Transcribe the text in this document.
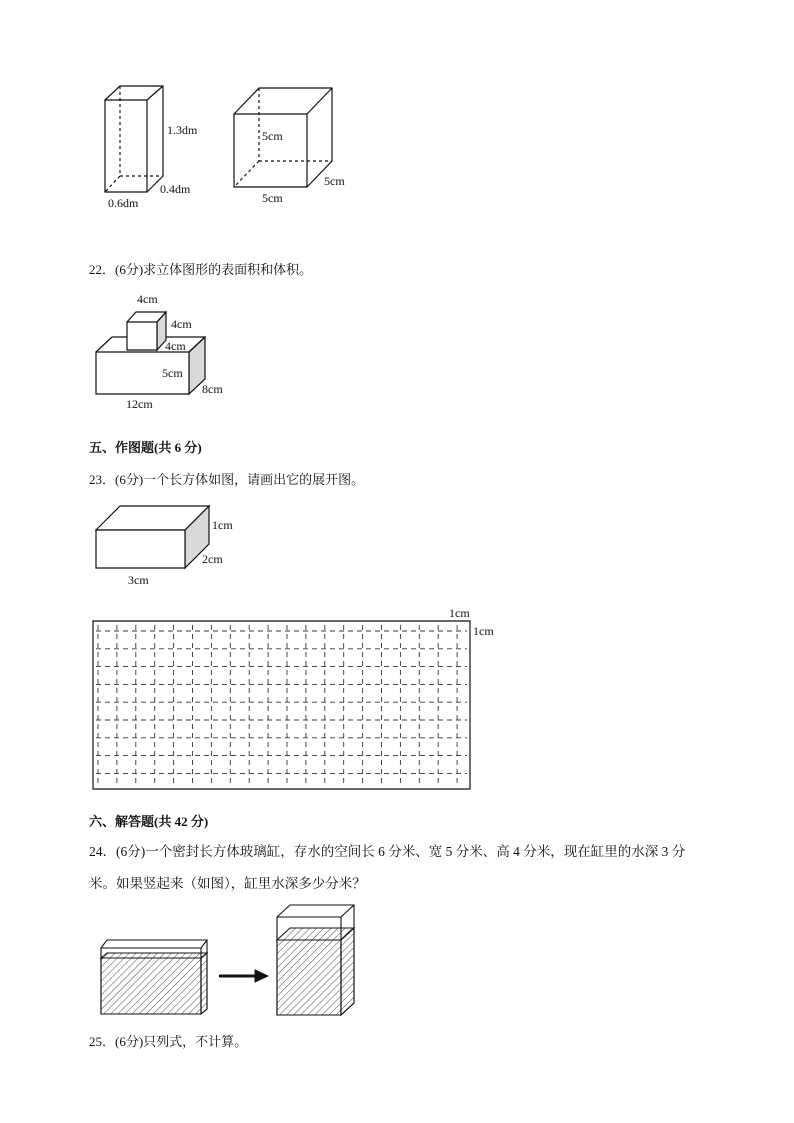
1.3dm
0.4dm
0.6dm
5cm
5cm
5cm
22．(6分)求立体图形的表面积和体积。
4cm
4cm
4cm
5cm
8cm
12cm
五、作图题(共 6 分)
23．(6分)一个长方体如图，请画出它的展开图。
1cm
2cm
3cm
1cm
1cm
六、解答题(共 42 分)
24．(6分)一个密封长方体玻璃缸，存水的空间长 6 分米、宽 5 分米、高 4 分米，现在缸里的水深 3 分
米。如果竖起来（如图），缸里水深多少分米？
25．(6分)只列式，不计算。
